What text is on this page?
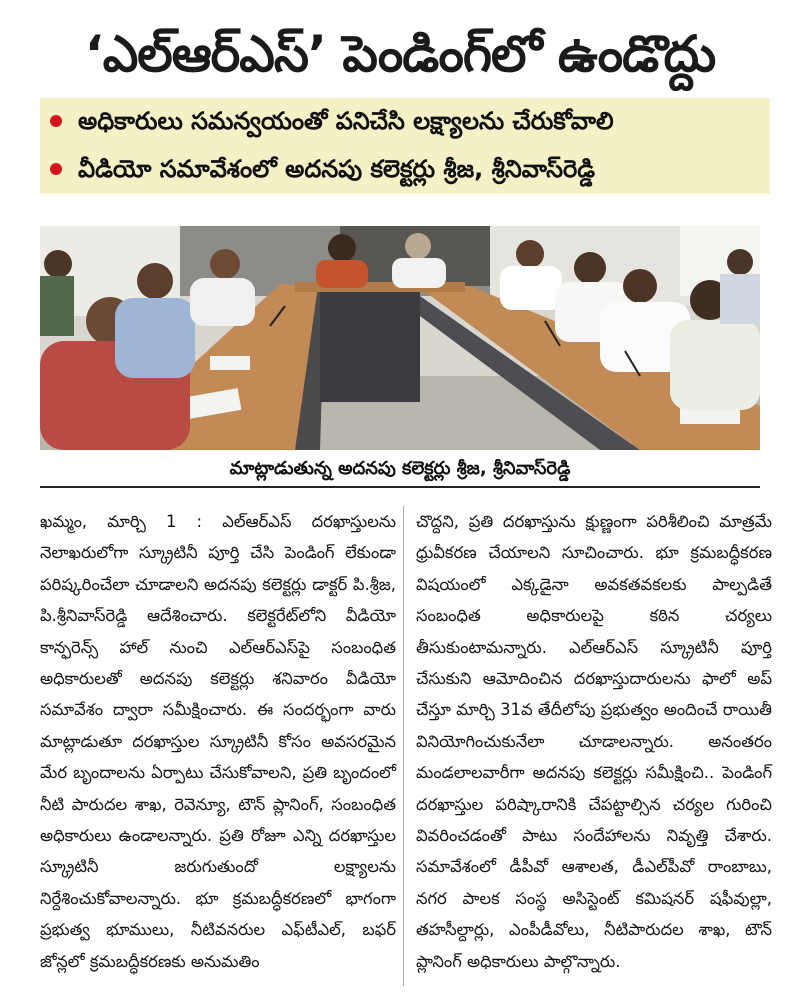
‘ఎల్ఆర్ఎస్’ పెండింగ్‌లో ఉండొద్దు
అధికారులు సమన్వయంతో పనిచేసి లక్ష్యాలను చేరుకోవాలి
వీడియో సమావేశంలో అదనపు కలెక్టర్లు శ్రీజ, శ్రీనివాస్‌రెడ్డి
మాట్లాడుతున్న అదనపు కలెక్టర్లు శ్రీజ, శ్రీనివాస్‌రెడ్డి
ఖమ్మం, మార్చి 1 : ఎల్‌ఆర్‌ఎస్ దరఖాస్తులను నెలాఖరులోగా స్క్రూటినీ పూర్తి చేసి పెండింగ్ లేకుండా పరిష్కరించేలా చూడాలని అదనపు కలెక్టర్లు డాక్టర్ పి.శ్రీజ, పి.శ్రీనివాస్‌రెడ్డి ఆదేశించారు. కలెక్టరేట్‌లోని వీడియో కాన్ఫరెన్స్ హాల్ నుంచి ఎల్ఆర్ఎస్‌పై సంబంధిత అధికారులతో అదనపు కలెక్టర్లు శనివారం వీడియో సమావేశం ద్వారా సమీక్షించారు. ఈ సందర్భంగా వారు మాట్లాడుతూ దరఖాస్తుల స్క్రూటినీ కోసం అవసరమైన మేర బృందాలను ఏర్పాటు చేసుకోవాలని, ప్రతి బృందంలో నీటి పారుదల శాఖ, రెవెన్యూ, టౌన్ ప్లానింగ్, సంబంధిత అధికారులు ఉండాలన్నారు. ప్రతి రోజూ ఎన్ని దరఖాస్తుల స్క్రూటినీ జరుగుతుందో లక్ష్యాలను నిర్దేశించుకోవాలన్నారు. భూ క్రమబద్ధీకరణలో భాగంగా ప్రభుత్వ భూములు, నీటివనరుల ఎఫ్‌టీఎల్, బఫర్ జోన్లలో క్రమబద్ధీకరణకు అనుమతిం
చొద్దని, ప్రతి దరఖాస్తును క్షుణ్ణంగా పరిశీలించి మాత్రమే ధ్రువీకరణ చేయాలని సూచించారు. భూ క్రమబద్ధీకరణ విషయంలో ఎక్కడైనా అవకతవకలకు పాల్పడితే సంబంధిత అధికారులపై కఠిన చర్యలు తీసుకుంటామన్నారు. ఎల్‌ఆర్‌ఎస్ స్క్రూటినీ పూర్తి చేసుకుని ఆమోదించిన దరఖాస్తుదారులను ఫాలో అప్ చేస్తూ మార్చి 31వ తేదీలోపు ప్రభుత్వం అందించే రాయితీ వినియోగించుకునేలా చూడాలన్నారు. అనంతరం మండలాలవారీగా అదనపు కలెక్టర్లు సమీక్షించి.. పెండింగ్ దరఖాస్తుల పరిష్కారానికి చేపట్టాల్సిన చర్యల గురించి వివరించడంతో పాటు సందేహాలను నివృత్తి చేశారు. సమావేశంలో డీపీవో ఆశాలత, డీఎల్‌పీవో రాంబాబు, నగర పాలక సంస్థ అసిస్టెంట్ కమిషనర్ షఫీవుల్లా, తహసీల్దార్లు, ఎంపీడీవోలు, నీటిపారుదల శాఖ, టౌన్ ప్లానింగ్ అధికారులు పాల్గొన్నారు.
